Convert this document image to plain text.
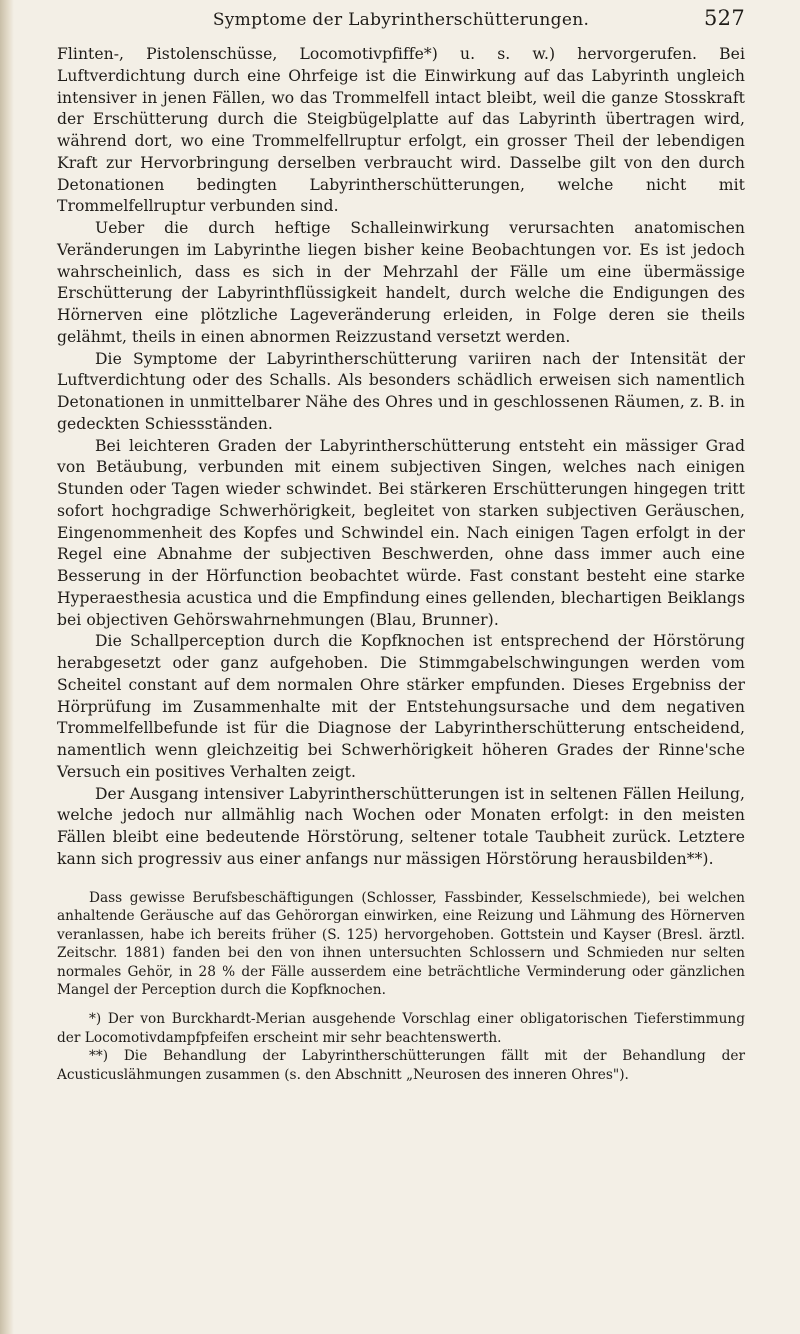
Symptome der Labyrintherschütterungen.	527

Flinten-, Pistolenschüsse, Locomotivpfiffe*) u. s. w.) hervorgerufen. Bei Luftverdichtung durch eine Ohrfeige ist die Einwirkung auf das Labyrinth ungleich intensiver in jenen Fällen, wo das Trommelfell intact bleibt, weil die ganze Stosskraft der Erschütterung durch die Steigbügelplatte auf das Labyrinth übertragen wird, während dort, wo eine Trommelfellruptur erfolgt, ein grosser Theil der lebendigen Kraft zur Hervorbringung derselben verbraucht wird. Dasselbe gilt von den durch Detonationen bedingten Labyrintherschütterungen, welche nicht mit Trommelfellruptur verbunden sind.

Ueber die durch heftige Schalleinwirkung verursachten anatomischen Veränderungen im Labyrinthe liegen bisher keine Beobachtungen vor. Es ist jedoch wahrscheinlich, dass es sich in der Mehrzahl der Fälle um eine übermässige Erschütterung der Labyrinthflüssigkeit handelt, durch welche die Endigungen des Hörnerven eine plötzliche Lageveränderung erleiden, in Folge deren sie theils gelähmt, theils in einen abnormen Reizzustand versetzt werden.

Die Symptome der Labyrintherschütterung variiren nach der Intensität der Luftverdichtung oder des Schalls. Als besonders schädlich erweisen sich namentlich Detonationen in unmittelbarer Nähe des Ohres und in geschlossenen Räumen, z. B. in gedeckten Schiessständen.

Bei leichteren Graden der Labyrintherschütterung entsteht ein mässiger Grad von Betäubung, verbunden mit einem subjectiven Singen, welches nach einigen Stunden oder Tagen wieder schwindet. Bei stärkeren Erschütterungen hingegen tritt sofort hochgradige Schwerhörigkeit, begleitet von starken subjectiven Geräuschen, Eingenommenheit des Kopfes und Schwindel ein. Nach einigen Tagen erfolgt in der Regel eine Abnahme der subjectiven Beschwerden, ohne dass immer auch eine Besserung in der Hörfunction beobachtet würde. Fast constant besteht eine starke Hyperaesthesia acustica und die Empfindung eines gellenden, blechartigen Beiklangs bei objectiven Gehörswahrnehmungen (Blau, Brunner).

Die Schallperception durch die Kopfknochen ist entsprechend der Hörstörung herabgesetzt oder ganz aufgehoben. Die Stimmgabelschwingungen werden vom Scheitel constant auf dem normalen Ohre stärker empfunden. Dieses Ergebniss der Hörprüfung im Zusammenhalte mit der Entstehungsursache und dem negativen Trommelfellbefunde ist für die Diagnose der Labyrintherschütterung entscheidend, namentlich wenn gleichzeitig bei Schwerhörigkeit höheren Grades der Rinne'sche Versuch ein positives Verhalten zeigt.

Der Ausgang intensiver Labyrintherschütterungen ist in seltenen Fällen Heilung, welche jedoch nur allmählig nach Wochen oder Monaten erfolgt: in den meisten Fällen bleibt eine bedeutende Hörstörung, seltener totale Taubheit zurück. Letztere kann sich progressiv aus einer anfangs nur mässigen Hörstörung herausbilden**).

Dass gewisse Berufsbeschäftigungen (Schlosser, Fassbinder, Kesselschmiede), bei welchen anhaltende Geräusche auf das Gehörorgan einwirken, eine Reizung und Lähmung des Hörnerven veranlassen, habe ich bereits früher (S. 125) hervorgehoben. Gottstein und Kayser (Bresl. ärztl. Zeitschr. 1881) fanden bei den von ihnen untersuchten Schlossern und Schmieden nur selten normales Gehör, in 28 % der Fälle ausserdem eine beträchtliche Verminderung oder gänzlichen Mangel der Perception durch die Kopfknochen.

*) Der von Burckhardt-Merian ausgehende Vorschlag einer obligatorischen Tieferstimmung der Locomotivdampfpfeifen erscheint mir sehr beachtenswerth.

**) Die Behandlung der Labyrintherschütterungen fällt mit der Behandlung der Acusticuslähmungen zusammen (s. den Abschnitt „Neurosen des inneren Ohres").
